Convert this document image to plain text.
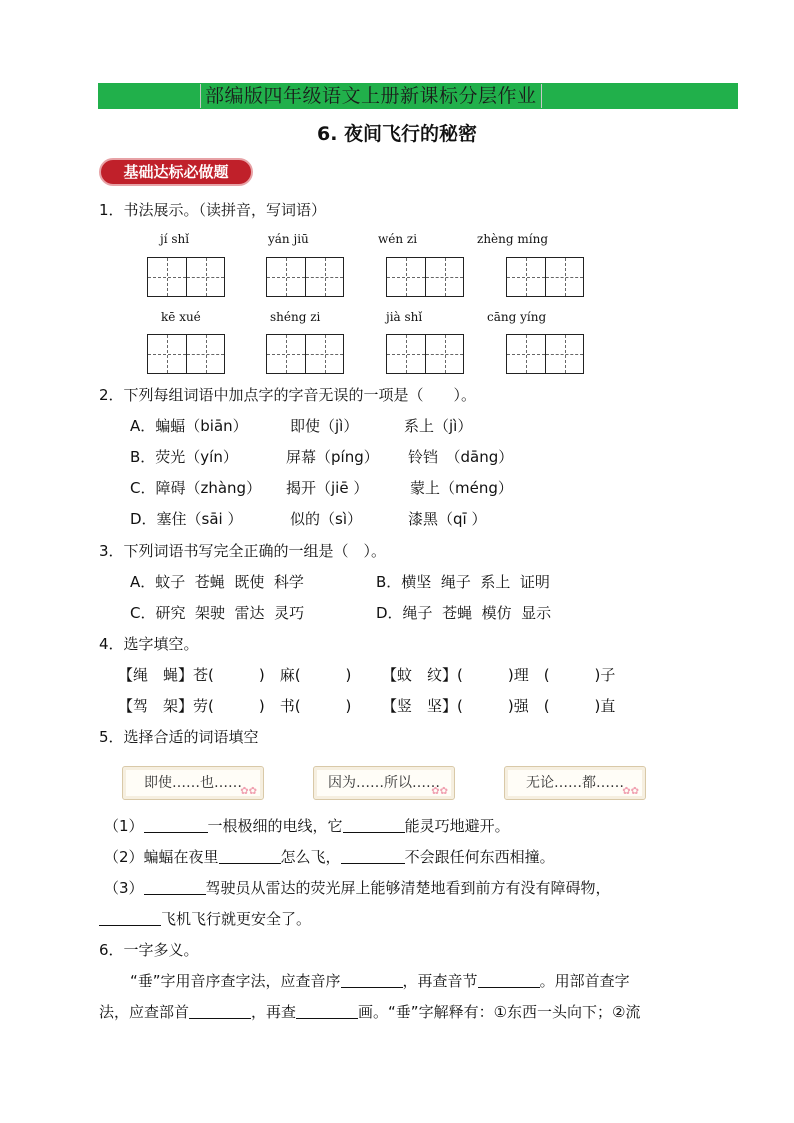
部编版四年级语文上册新课标分层作业
6. 夜间飞行的秘密
基础达标必做题
1．书法展示。（读拼音，写词语）
jí shǐ	yán jiū	wén zi	zhèng míng
kē xué	shéng zi	jià shǐ	cāng yíng
2．下列每组词语中加点字的字音无误的一项是（　　）。
A．蝙蝠（biān）	即使（jì）	系上（jì）
B．荧光（yín）	屏幕（píng） 铃铛　（dāng）
C．障碍（zhàng） 揭开（jiē ）	蒙上（méng）
D．塞住（sāi ）	似的（sì）	漆黑（qī ）
3．下列词语书写完全正确的一组是（　）。
A．蚊子  苍蝇  既使  科学	B．横坚  绳子  系上  证明
C．研究  架驶  雷达  灵巧	D．绳子  苍蝇  模仿  显示
4．选字填空。
【绳　蝇】苍(　　　)　麻(　　　) 【蚊　纹】(　　　)理　(　　　)子
【驾　架】劳(　　　)　书(　　　) 【竖　坚】(　　　)强　(　　　)直
5．选择合适的词语填空
即使……也……
✿✿
因为……所以……
✿✿
无论……都……
✿✿
（1）	一根极细的电线，它	能灵巧地避开。
（2）蝙蝠在夜里	怎么飞，	不会跟任何东西相撞。
（3）	驾驶员从雷达的荧光屏上能够清楚地看到前方有没有障碍物，
飞机飞行就更安全了。
6．一字多义。
“垂”字用音序查字法，应查音序	，再查音节	。用部首查字
法，应查部首	，再查	画。“垂”字解释有：①东西一头向下；②流
